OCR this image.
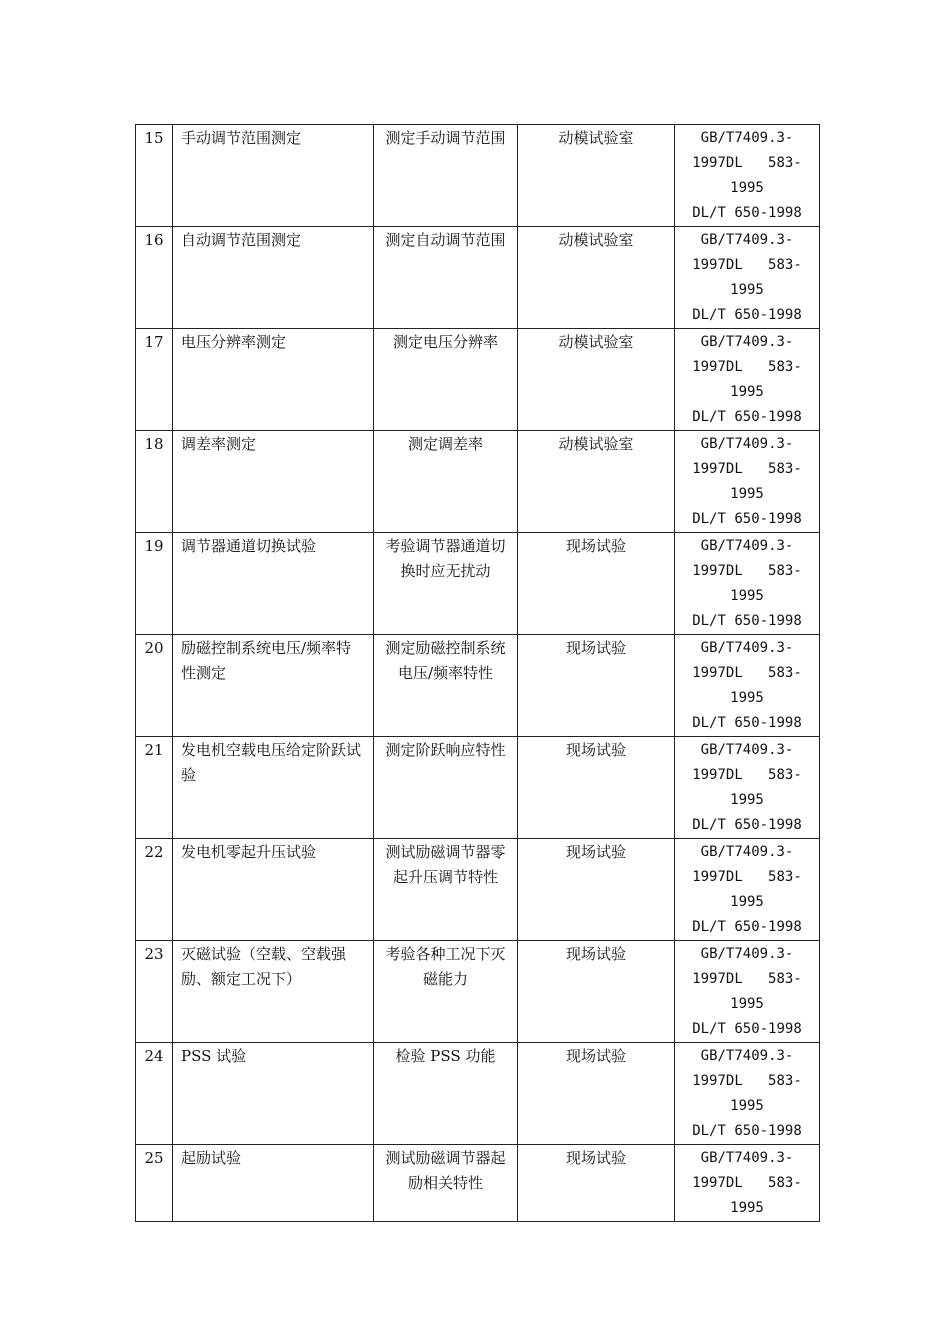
15	手动调节范围测定	测定手动调节范围	动模试验室	GB/T7409.3-
1997DL   583-
1995
DL/T 650-1998

16	自动调节范围测定	测定自动调节范围	动模试验室	GB/T7409.3-
1997DL   583-
1995
DL/T 650-1998

17	电压分辨率测定	测定电压分辨率	动模试验室	GB/T7409.3-
1997DL   583-
1995
DL/T 650-1998

18	调差率测定	测定调差率	动模试验室	GB/T7409.3-
1997DL   583-
1995
DL/T 650-1998

19	调节器通道切换试验	考验调节器通道切换时应无扰动	现场试验	GB/T7409.3-
1997DL   583-
1995
DL/T 650-1998

20	励磁控制系统电压/频率特性测定	测定励磁控制系统电压/频率特性	现场试验	GB/T7409.3-
1997DL   583-
1995
DL/T 650-1998

21	发电机空载电压给定阶跃试验	测定阶跃响应特性	现场试验	GB/T7409.3-
1997DL   583-
1995
DL/T 650-1998

22	发电机零起升压试验	测试励磁调节器零起升压调节特性	现场试验	GB/T7409.3-
1997DL   583-
1995
DL/T 650-1998

23	灭磁试验（空载、空载强励、额定工况下）	考验各种工况下灭磁能力	现场试验	GB/T7409.3-
1997DL   583-
1995
DL/T 650-1998

24	PSS 试验	检验 PSS 功能	现场试验	GB/T7409.3-
1997DL   583-
1995
DL/T 650-1998

25	起励试验	测试励磁调节器起励相关特性	现场试验	GB/T7409.3-
1997DL   583-
1995
